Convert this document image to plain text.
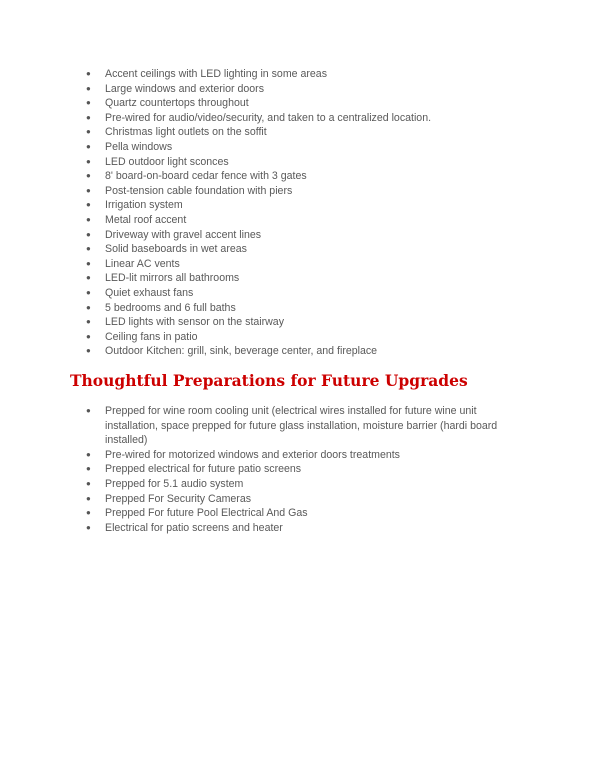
● Accent ceilings with LED lighting in some areas
● Large windows and exterior doors
● Quartz countertops throughout
● Pre-wired for audio/video/security, and taken to a centralized location.
● Christmas light outlets on the soffit
● Pella windows
● LED outdoor light sconces
● 8' board-on-board cedar fence with 3 gates
● Post-tension cable foundation with piers
● Irrigation system
● Metal roof accent
● Driveway with gravel accent lines
● Solid baseboards in wet areas
● Linear AC vents
● LED-lit mirrors all bathrooms
● Quiet exhaust fans
● 5 bedrooms and 6 full baths
● LED lights with sensor on the stairway
● Ceiling fans in patio
● Outdoor Kitchen: grill, sink, beverage center, and fireplace
Thoughtful Preparations for Future Upgrades
● Prepped for wine room cooling unit (electrical wires installed for future wine unit installation, space prepped for future glass installation, moisture barrier (hardi board installed)
● Pre-wired for motorized windows and exterior doors treatments
● Prepped electrical for future patio screens
● Prepped for 5.1 audio system
● Prepped For Security Cameras
● Prepped For future Pool Electrical And Gas
● Electrical for patio screens and heater
